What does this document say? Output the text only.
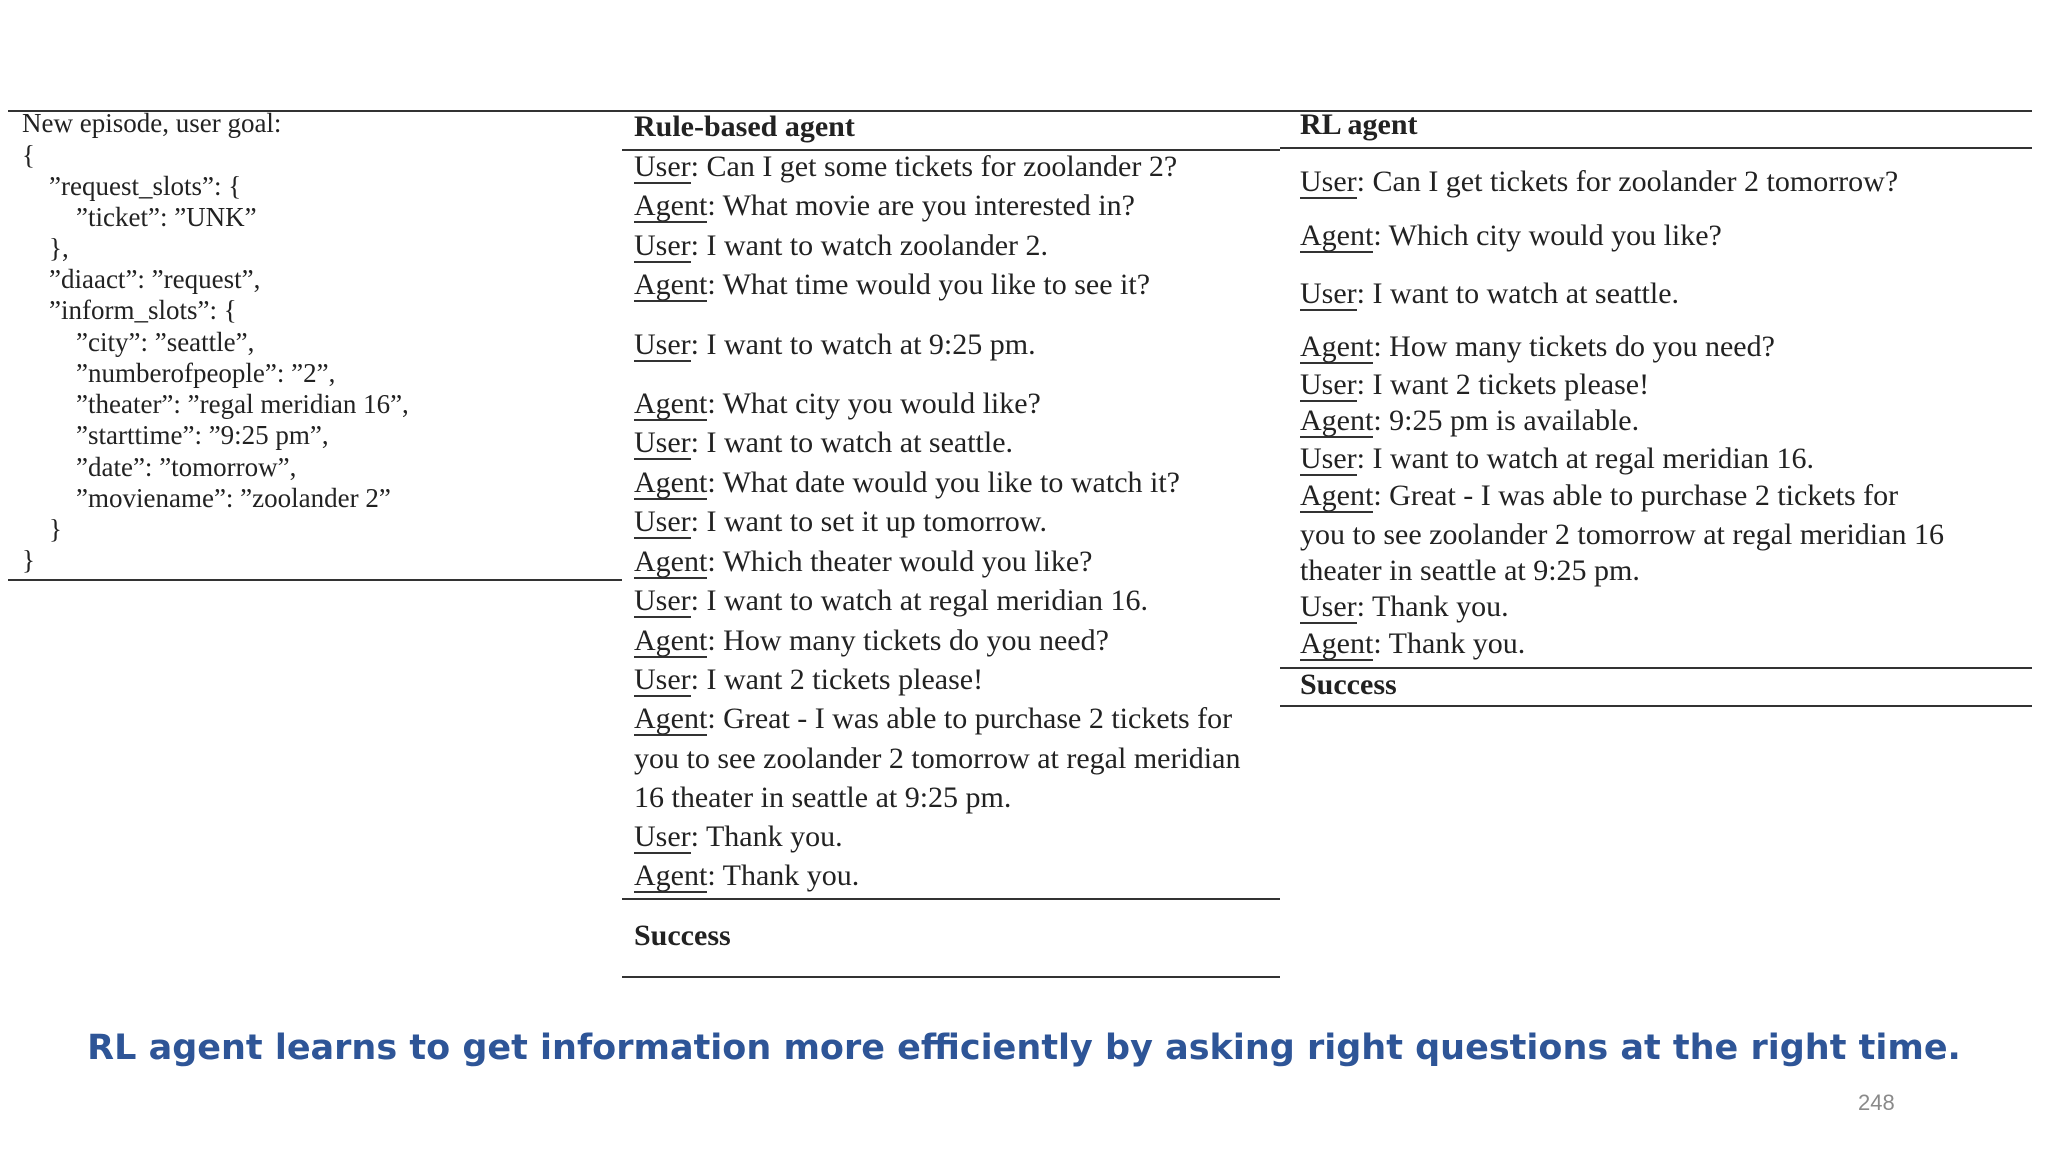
New episode, user goal:
{
”request_slots”: {
”ticket”: ”UNK”
},
”diaact”: ”request”,
”inform_slots”: {
”city”: ”seattle”,
”numberofpeople”: ”2”,
”theater”: ”regal meridian 16”,
”starttime”: ”9:25 pm”,
”date”: ”tomorrow”,
”moviename”: ”zoolander 2”
}
}
Rule-based agent
User: Can I get some tickets for zoolander 2?
Agent: What movie are you interested in?
User: I want to watch zoolander 2.
Agent: What time would you like to see it?
User: I want to watch at 9:25 pm.
Agent: What city you would like?
User: I want to watch at seattle.
Agent: What date would you like to watch it?
User: I want to set it up tomorrow.
Agent: Which theater would you like?
User: I want to watch at regal meridian 16.
Agent: How many tickets do you need?
User: I want 2 tickets please!
Agent: Great - I was able to purchase 2 tickets for
you to see zoolander 2 tomorrow at regal meridian
16 theater in seattle at 9:25 pm.
User: Thank you.
Agent: Thank you.
Success
RL agent
User: Can I get tickets for zoolander 2 tomorrow?
Agent: Which city would you like?
User: I want to watch at seattle.
Agent: How many tickets do you need?
User: I want 2 tickets please!
Agent: 9:25 pm is available.
User: I want to watch at regal meridian 16.
Agent: Great - I was able to purchase 2 tickets for
you to see zoolander 2 tomorrow at regal meridian 16
theater in seattle at 9:25 pm.
User: Thank you.
Agent: Thank you.
Success
RL agent learns to get information more efficiently by asking right questions at the right time.
248
